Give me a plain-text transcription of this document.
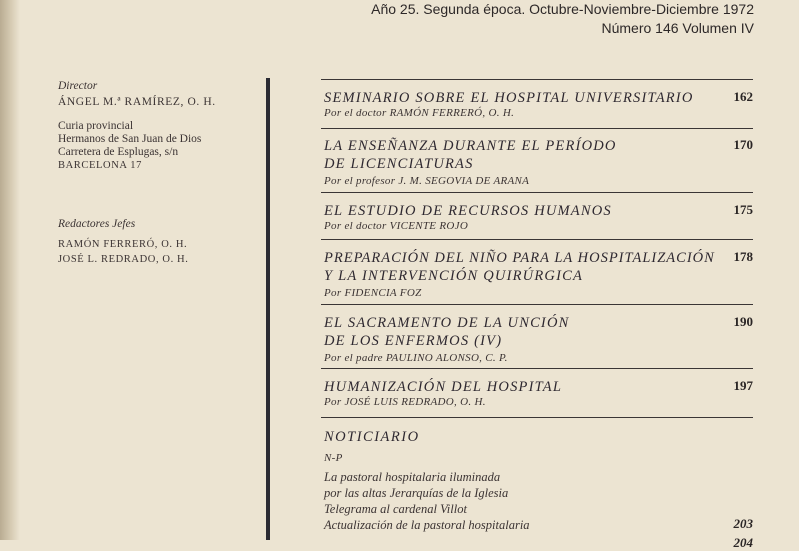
Año 25. Segunda época. Octubre-Noviembre-Diciembre 1972
Número 146 Volumen IV
Director
ÁNGEL M.ª RAMÍREZ, O. H.
Curia provincial
Hermanos de San Juan de Dios
Carretera de Esplugas, s/n
BARCELONA 17
Redactores Jefes
RAMÓN FERRERÓ, O. H.
JOSÉ L. REDRADO, O. H.
SEMINARIO SOBRE EL HOSPITAL UNIVERSITARIO
Por el doctor RAMÓN FERRERÓ, O. H.
162
LA ENSEÑANZA DURANTE EL PERÍODO
DE LICENCIATURAS
Por el profesor J. M. SEGOVIA DE ARANA
170
EL ESTUDIO DE RECURSOS HUMANOS
Por el doctor VICENTE ROJO
175
PREPARACIÓN DEL NIÑO PARA LA HOSPITALIZACIÓN
Y LA INTERVENCIÓN QUIRÚRGICA
Por FIDENCIA FOZ
178
EL SACRAMENTO DE LA UNCIÓN
DE LOS ENFERMOS (IV)
Por el padre PAULINO ALONSO, C. P.
190
HUMANIZACIÓN DEL HOSPITAL
Por JOSÉ LUIS REDRADO, O. H.
197
NOTICIARIO
N-P
La pastoral hospitalaria iluminada
por las altas Jerarquías de la Iglesia
Telegrama al cardenal Villot
Actualización de la pastoral hospitalaria	203
204
